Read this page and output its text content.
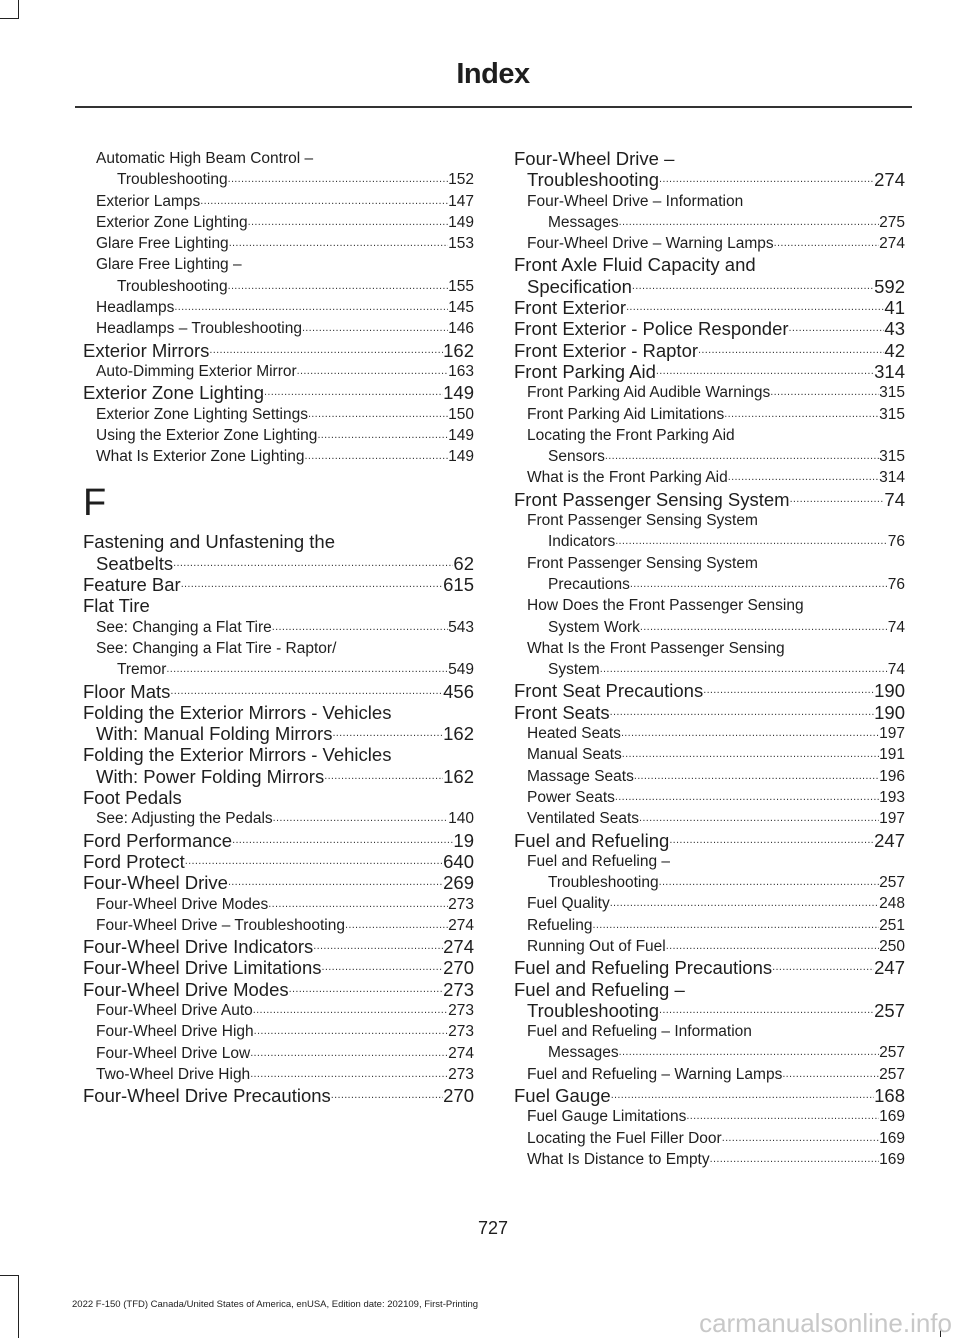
Index
Automatic High Beam Control –
Troubleshooting .....	152
Exterior Lamps .....	147
Exterior Zone Lighting .....	149
Glare Free Lighting .....	153
Glare Free Lighting –
Troubleshooting .....	155
Headlamps .....	145
Headlamps – Troubleshooting .....	146
Exterior Mirrors .....	162
Auto-Dimming Exterior Mirror .....	163
Exterior Zone Lighting .....	149
Exterior Zone Lighting Settings .....	150
Using the Exterior Zone Lighting .....	149
What Is Exterior Zone Lighting .....	149
F
Fastening and Unfastening the
Seatbelts .....	62
Feature Bar .....	615
Flat Tire
See: Changing a Flat Tire .....	543
See: Changing a Flat Tire - Raptor/
Tremor .....	549
Floor Mats .....	456
Folding the Exterior Mirrors - Vehicles
With: Manual Folding Mirrors .....	162
Folding the Exterior Mirrors - Vehicles
With: Power Folding Mirrors .....	162
Foot Pedals
See: Adjusting the Pedals .....	140
Ford Performance .....	19
Ford Protect .....	640
Four-Wheel Drive .....	269
Four-Wheel Drive Modes .....	273
Four-Wheel Drive – Troubleshooting .....	274
Four-Wheel Drive Indicators .....	274
Four-Wheel Drive Limitations .....	270
Four-Wheel Drive Modes .....	273
Four-Wheel Drive Auto .....	273
Four-Wheel Drive High .....	273
Four-Wheel Drive Low .....	274
Two-Wheel Drive High .....	273
Four-Wheel Drive Precautions .....	270
Four-Wheel Drive –
Troubleshooting .....	274
Four-Wheel Drive – Information
Messages .....	275
Four-Wheel Drive – Warning Lamps .....	274
Front Axle Fluid Capacity and
Specification .....	592
Front Exterior .....	41
Front Exterior - Police Responder .....	43
Front Exterior - Raptor .....	42
Front Parking Aid .....	314
Front Parking Aid Audible Warnings .....	315
Front Parking Aid Limitations .....	315
Locating the Front Parking Aid
Sensors .....	315
What is the Front Parking Aid .....	314
Front Passenger Sensing System .....	74
Front Passenger Sensing System
Indicators .....	76
Front Passenger Sensing System
Precautions .....	76
How Does the Front Passenger Sensing
System Work .....	74
What Is the Front Passenger Sensing
System .....	74
Front Seat Precautions .....	190
Front Seats .....	190
Heated Seats .....	197
Manual Seats .....	191
Massage Seats .....	196
Power Seats .....	193
Ventilated Seats .....	197
Fuel and Refueling .....	247
Fuel and Refueling –
Troubleshooting .....	257
Fuel Quality .....	248
Refueling .....	251
Running Out of Fuel .....	250
Fuel and Refueling Precautions .....	247
Fuel and Refueling –
Troubleshooting .....	257
Fuel and Refueling – Information
Messages .....	257
Fuel and Refueling – Warning Lamps .....	257
Fuel Gauge .....	168
Fuel Gauge Limitations .....	169
Locating the Fuel Filler Door .....	169
What Is Distance to Empty .....	169
727
2022 F-150 (TFD) Canada/United States of America, enUSA, Edition date: 202109, First-Printing
carmanualsonline.info
